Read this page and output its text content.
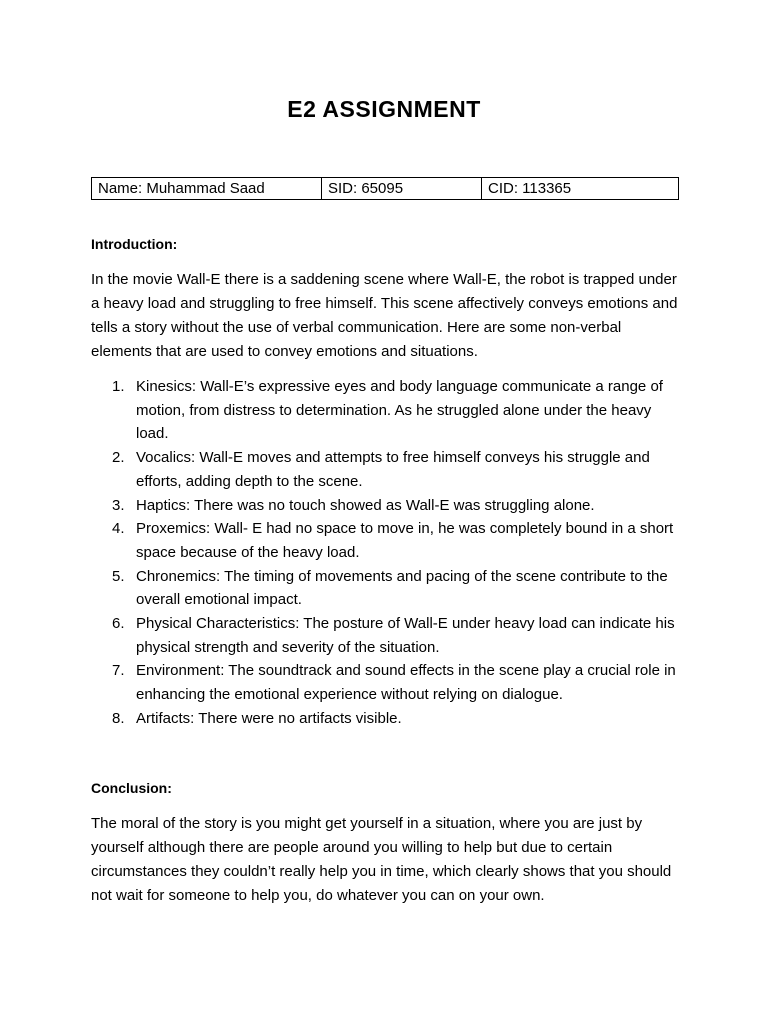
E2 ASSIGNMENT
Name: Muhammad Saad	SID: 65095	CID: 113365

Introduction:

In the movie Wall-E there is a saddening scene where Wall-E, the robot is trapped under a heavy load and struggling to free himself. This scene affectively conveys emotions and tells a story without the use of verbal communication. Here are some non-verbal elements that are used to convey emotions and situations.

1. Kinesics: Wall-E’s expressive eyes and body language communicate a range of motion, from distress to determination. As he struggled alone under the heavy load.
2. Vocalics: Wall-E moves and attempts to free himself conveys his struggle and efforts, adding depth to the scene.
3. Haptics: There was no touch showed as Wall-E was struggling alone.
4. Proxemics: Wall- E had no space to move in, he was completely bound in a short space because of the heavy load.
5. Chronemics: The timing of movements and pacing of the scene contribute to the overall emotional impact.
6. Physical Characteristics: The posture of Wall-E under heavy load can indicate his physical strength and severity of the situation.
7. Environment: The soundtrack and sound effects in the scene play a crucial role in enhancing the emotional experience without relying on dialogue.
8. Artifacts: There were no artifacts visible.

Conclusion:

The moral of the story is you might get yourself in a situation, where you are just by yourself although there are people around you willing to help but due to certain circumstances they couldn’t really help you in time, which clearly shows that you should not wait for someone to help you, do whatever you can on your own.
